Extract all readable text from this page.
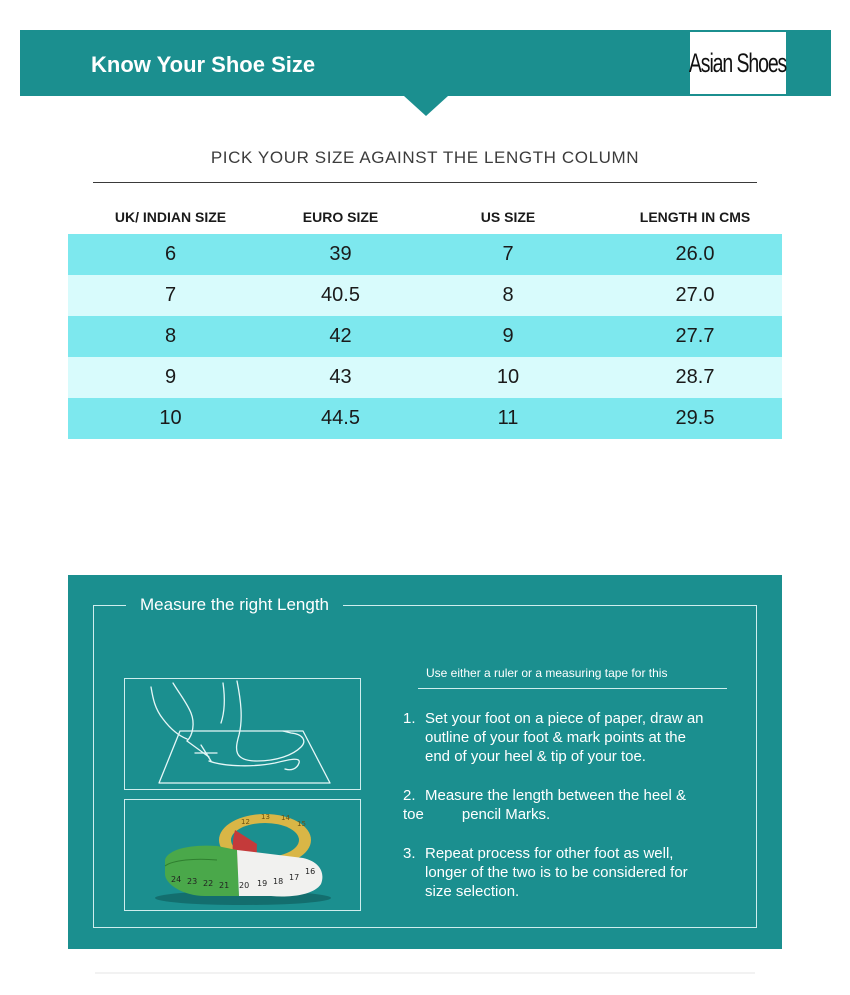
Know Your Shoe Size	Asian Shoes
PICK YOUR SIZE AGAINST THE LENGTH COLUMN
UK/ INDIAN SIZE	EURO SIZE	US SIZE	LENGTH IN CMS
6	39	7	26.0
7	40.5	8	27.0
8	42	9	27.7
9	43	10	28.7
10	44.5	11	29.5
Measure the right Length
24 23 22 21 20 19 18 17
16
12
13 14
15
Use either a ruler or a measuring tape for this
1. Set your foot on a piece of paper, draw an
outline of your foot & mark points at the
end of your heel & tip of your toe.
2. Measure the length between the heel &
toe	pencil Marks.
3. Repeat process for other foot as well,
longer of the two is to be considered for
size selection.
